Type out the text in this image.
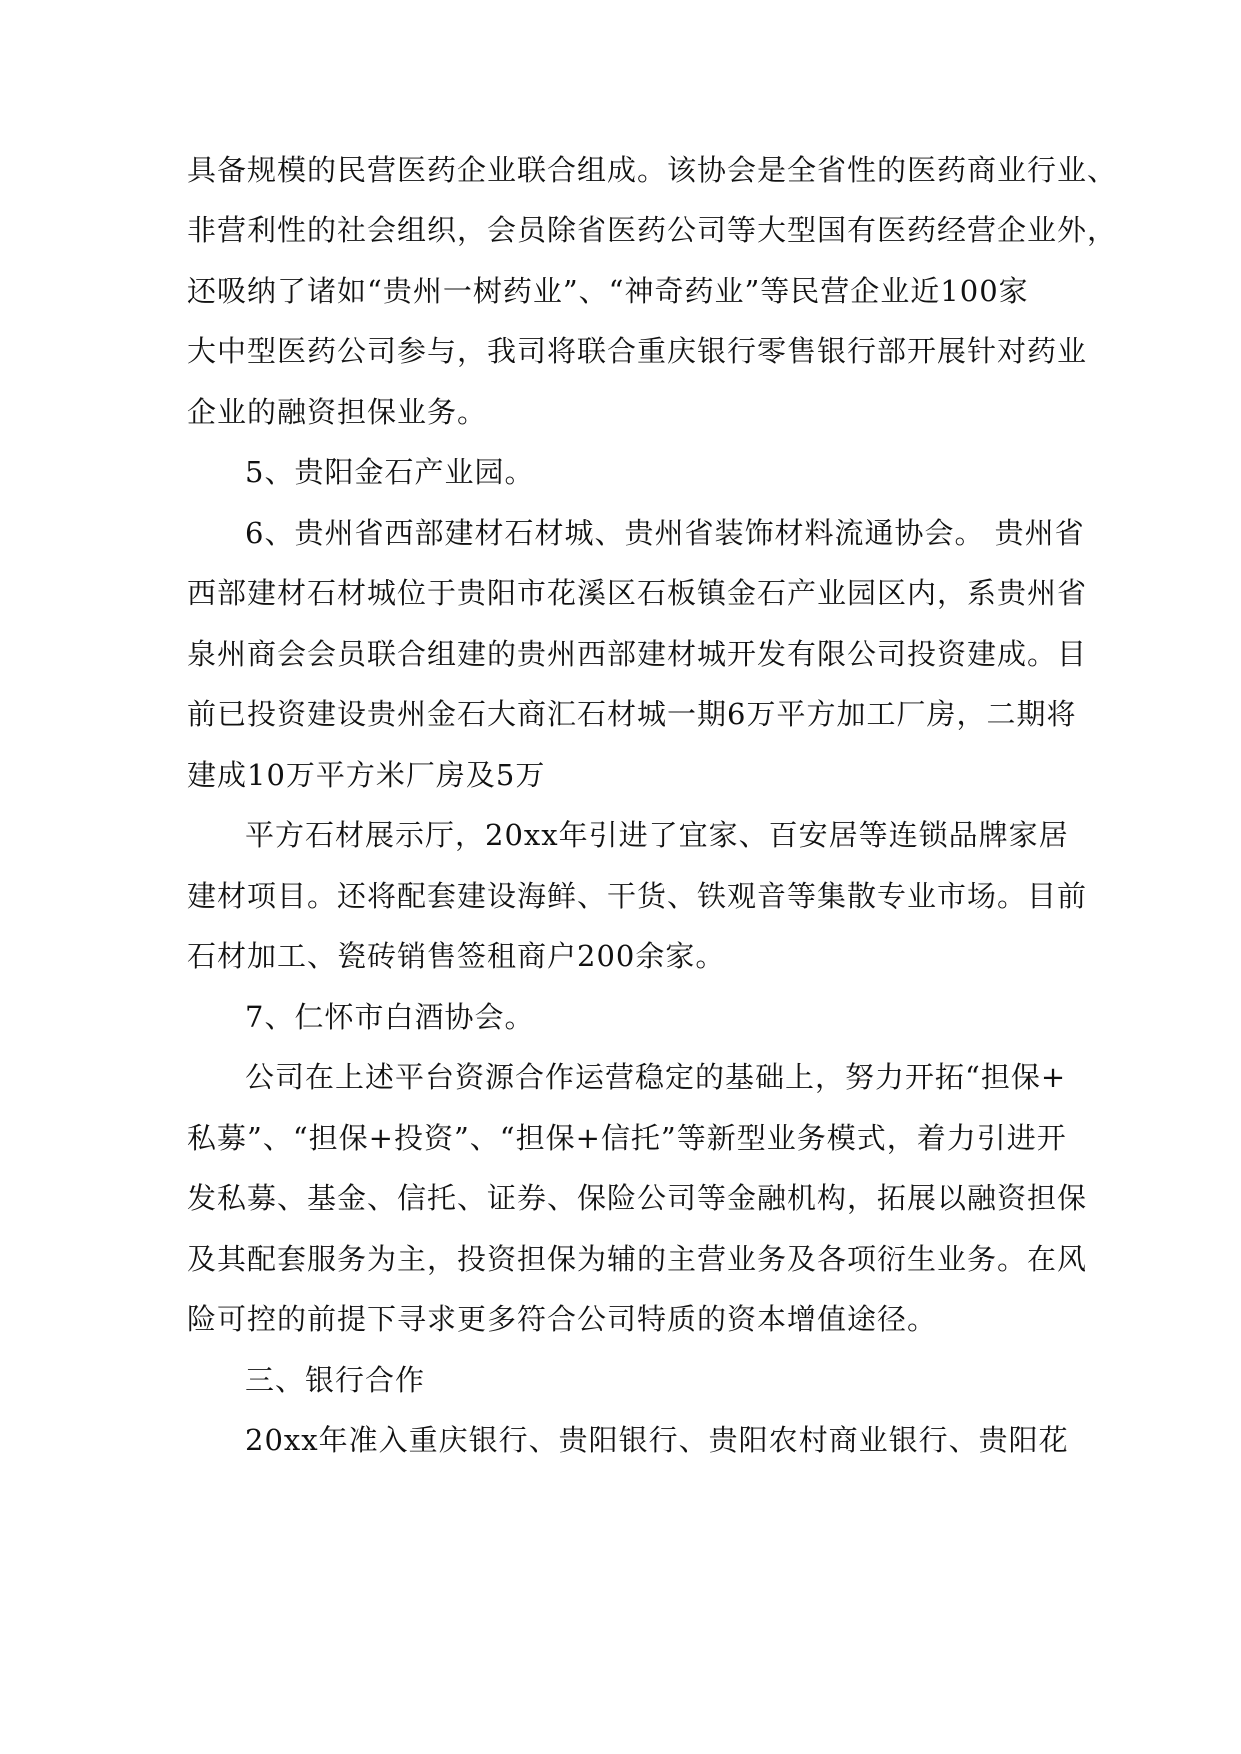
具备规模的民营医药企业联合组成。该协会是全省性的医药商业行业、
非营利性的社会组织，会员除省医药公司等大型国有医药经营企业外，
还吸纳了诸如“贵州一树药业”、“神奇药业”等民营企业近100家
大中型医药公司参与，我司将联合重庆银行零售银行部开展针对药业
企业的融资担保业务。
5、贵阳金石产业园。
6、贵州省西部建材石材城、贵州省装饰材料流通协会。 贵州省
西部建材石材城位于贵阳市花溪区石板镇金石产业园区内，系贵州省
泉州商会会员联合组建的贵州西部建材城开发有限公司投资建成。目
前已投资建设贵州金石大商汇石材城一期6万平方加工厂房，二期将
建成10万平方米厂房及5万
平方石材展示厅，20xx年引进了宜家、百安居等连锁品牌家居
建材项目。还将配套建设海鲜、干货、铁观音等集散专业市场。目前
石材加工、瓷砖销售签租商户200余家。
7、仁怀市白酒协会。
公司在上述平台资源合作运营稳定的基础上，努力开拓“担保+
私募”、“担保+投资”、“担保+信托”等新型业务模式，着力引进开
发私募、基金、信托、证券、保险公司等金融机构，拓展以融资担保
及其配套服务为主，投资担保为辅的主营业务及各项衍生业务。在风
险可控的前提下寻求更多符合公司特质的资本增值途径。
三、银行合作
20xx年准入重庆银行、贵阳银行、贵阳农村商业银行、贵阳花
